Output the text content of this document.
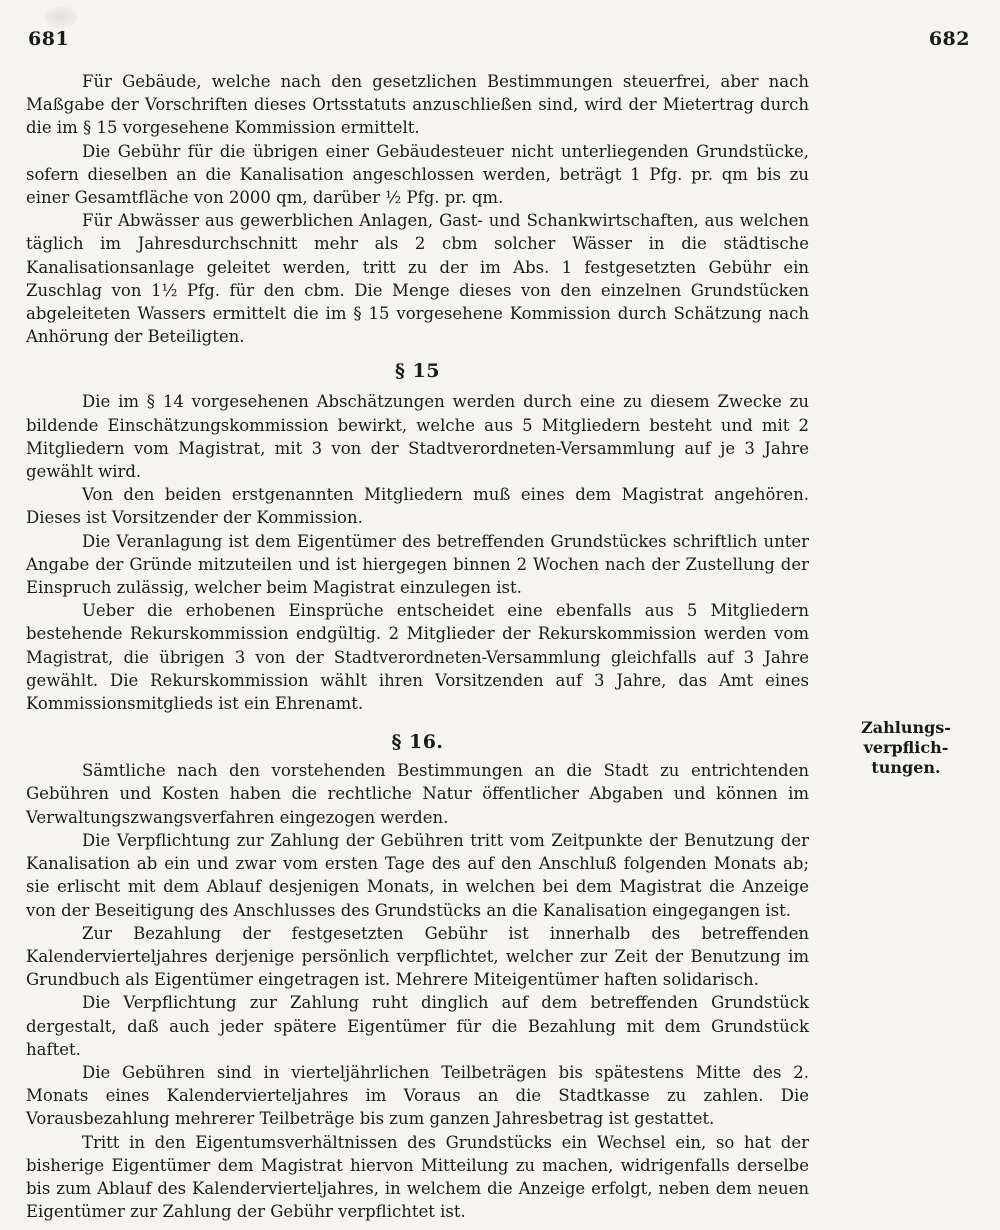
681	682

Für Gebäude, welche nach den gesetzlichen Bestimmungen steuerfrei, aber nach Maßgabe der Vorschriften dieses Ortsstatuts anzuschließen sind, wird der Mietertrag durch die im § 15 vorgesehene Kommission ermittelt.

Die Gebühr für die übrigen einer Gebäudesteuer nicht unterliegenden Grundstücke, sofern dieselben an die Kanalisation angeschlossen werden, beträgt 1 Pfg. pr. qm bis zu einer Gesamtfläche von 2000 qm, darüber ½ Pfg. pr. qm.

Für Abwässer aus gewerblichen Anlagen, Gast- und Schankwirtschaften, aus welchen täglich im Jahresdurchschnitt mehr als 2 cbm solcher Wässer in die städtische Kanalisationsanlage geleitet werden, tritt zu der im Abs. 1 festgesetzten Gebühr ein Zuschlag von 1½ Pfg. für den cbm. Die Menge dieses von den einzelnen Grundstücken abgeleiteten Wassers ermittelt die im § 15 vorgesehene Kommission durch Schätzung nach Anhörung der Beteiligten.

§ 15

Die im § 14 vorgesehenen Abschätzungen werden durch eine zu diesem Zwecke zu bildende Einschätzungskommission bewirkt, welche aus 5 Mitgliedern besteht und mit 2 Mitgliedern vom Magistrat, mit 3 von der Stadtverordneten-Versammlung auf je 3 Jahre gewählt wird.

Von den beiden erstgenannten Mitgliedern muß eines dem Magistrat angehören. Dieses ist Vorsitzender der Kommission.

Die Veranlagung ist dem Eigentümer des betreffenden Grundstückes schriftlich unter Angabe der Gründe mitzuteilen und ist hiergegen binnen 2 Wochen nach der Zustellung der Einspruch zulässig, welcher beim Magistrat einzulegen ist.

Ueber die erhobenen Einsprüche entscheidet eine ebenfalls aus 5 Mitgliedern bestehende Rekurskommission endgültig. 2 Mitglieder der Rekurskommission werden vom Magistrat, die übrigen 3 von der Stadtverordneten-Versammlung gleichfalls auf 3 Jahre gewählt. Die Rekurskommission wählt ihren Vorsitzenden auf 3 Jahre, das Amt eines Kommissionsmitglieds ist ein Ehrenamt.

§ 16.

Sämtliche nach den vorstehenden Bestimmungen an die Stadt zu entrichtenden Gebühren und Kosten haben die rechtliche Natur öffentlicher Abgaben und können im Verwaltungszwangsverfahren eingezogen werden.

Die Verpflichtung zur Zahlung der Gebühren tritt vom Zeitpunkte der Benutzung der Kanalisation ab ein und zwar vom ersten Tage des auf den Anschluß folgenden Monats ab; sie erlischt mit dem Ablauf desjenigen Monats, in welchen bei dem Magistrat die Anzeige von der Beseitigung des Anschlusses des Grundstücks an die Kanalisation eingegangen ist.

Zur Bezahlung der festgesetzten Gebühr ist innerhalb des betreffenden Kalendervierteljahres derjenige persönlich verpflichtet, welcher zur Zeit der Benutzung im Grundbuch als Eigentümer eingetragen ist. Mehrere Miteigentümer haften solidarisch.

Die Verpflichtung zur Zahlung ruht dinglich auf dem betreffenden Grundstück dergestalt, daß auch jeder spätere Eigentümer für die Bezahlung mit dem Grundstück haftet.

Die Gebühren sind in vierteljährlichen Teilbeträgen bis spätestens Mitte des 2. Monats eines Kalendervierteljahres im Voraus an die Stadtkasse zu zahlen. Die Vorausbezahlung mehrerer Teilbeträge bis zum ganzen Jahresbetrag ist gestattet.

Tritt in den Eigentumsverhältnissen des Grundstücks ein Wechsel ein, so hat der bisherige Eigentümer dem Magistrat hiervon Mitteilung zu machen, widrigenfalls derselbe bis zum Ablauf des Kalendervierteljahres, in welchem die Anzeige erfolgt, neben dem neuen Eigentümer zur Zahlung der Gebühr verpflichtet ist.

Zahlungs-
verpflich-
tungen.
